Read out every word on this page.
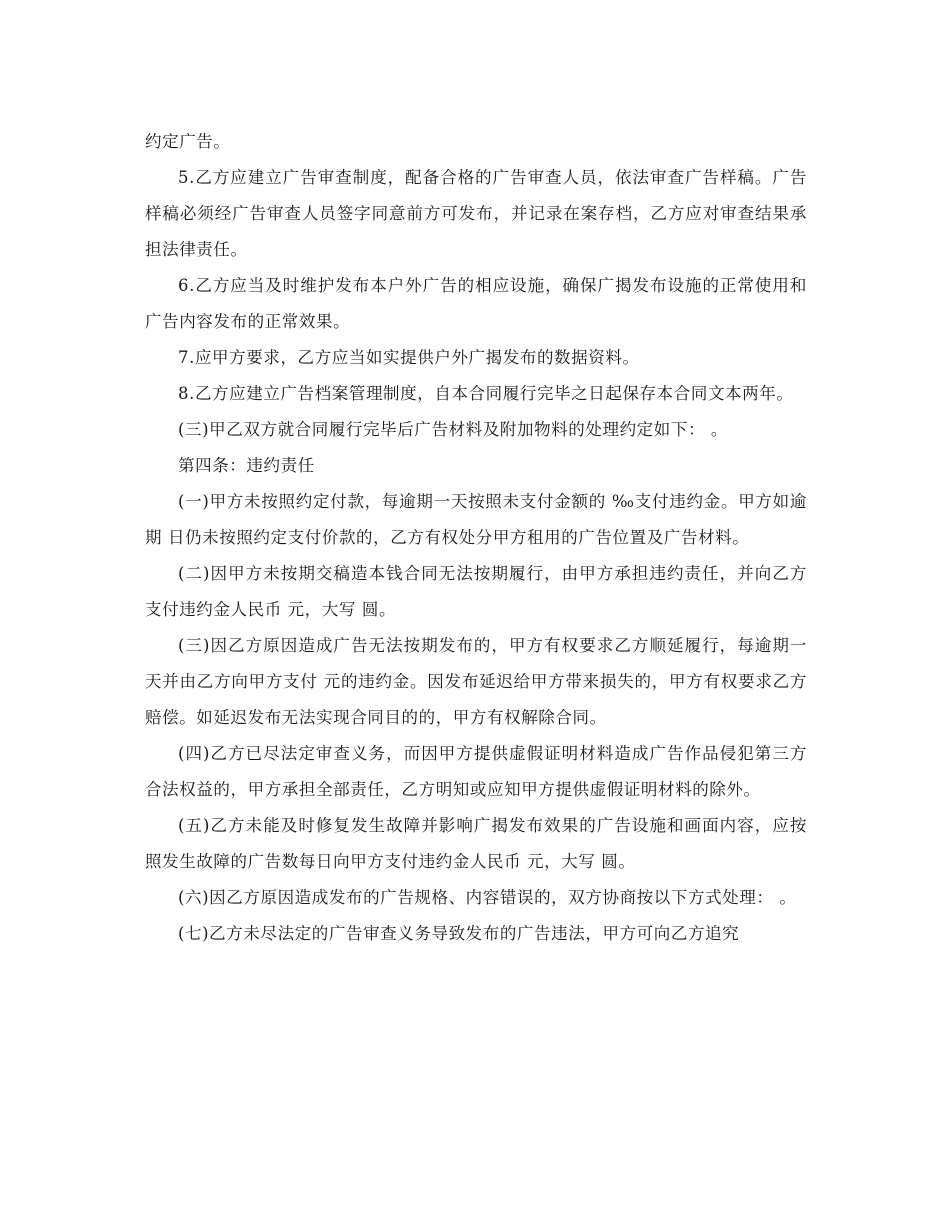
约定广告。

5.乙方应建立广告审查制度，配备合格的广告审查人员，依法审查广告样稿。广告样稿必须经广告审查人员签字同意前方可发布，并记录在案存档，乙方应对审查结果承担法律责任。

6.乙方应当及时维护发布本户外广告的相应设施，确保广揭发布设施的正常使用和广告内容发布的正常效果。

7.应甲方要求，乙方应当如实提供户外广揭发布的数据资料。

8.乙方应建立广告档案管理制度，自本合同履行完毕之日起保存本合同文本两年。

(三)甲乙双方就合同履行完毕后广告材料及附加物料的处理约定如下： 。

第四条：违约责任

(一)甲方未按照约定付款，每逾期一天按照未支付金额的 ‰支付违约金。甲方如逾期 日仍未按照约定支付价款的，乙方有权处分甲方租用的广告位置及广告材料。

(二)因甲方未按期交稿造本钱合同无法按期履行，由甲方承担违约责任，并向乙方支付违约金人民币 元，大写 圆。

(三)因乙方原因造成广告无法按期发布的，甲方有权要求乙方顺延履行，每逾期一天并由乙方向甲方支付 元的违约金。因发布延迟给甲方带来损失的，甲方有权要求乙方赔偿。如延迟发布无法实现合同目的的，甲方有权解除合同。

(四)乙方已尽法定审查义务，而因甲方提供虚假证明材料造成广告作品侵犯第三方合法权益的，甲方承担全部责任，乙方明知或应知甲方提供虚假证明材料的除外。

(五)乙方未能及时修复发生故障并影响广揭发布效果的广告设施和画面内容，应按照发生故障的广告数每日向甲方支付违约金人民币 元，大写 圆。

(六)因乙方原因造成发布的广告规格、内容错误的，双方协商按以下方式处理： 。

(七)乙方未尽法定的广告审查义务导致发布的广告违法，甲方可向乙方追究
